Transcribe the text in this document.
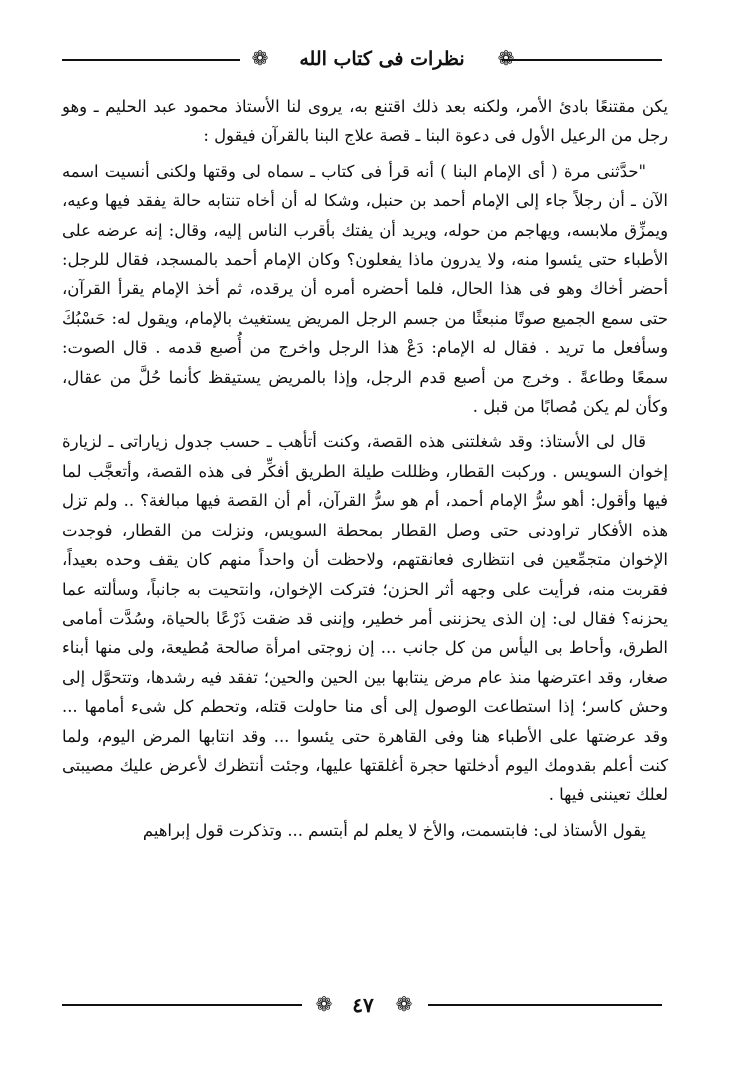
❁	نظرات فى كتاب الله	❁

يكن مقتنعًا بادئ الأمر، ولكنه بعد ذلك اقتنع به، يروى لنا الأستاذ محمود عبد الحليم ـ وهو رجل من الرعيل الأول فى دعوة البنا ـ قصة علاج البنا بالقرآن فيقول :

"حدَّثنى مرة ( أى الإمام البنا ) أنه قرأ فى كتاب ـ سماه لى وقتها ولكنى أنسيت اسمه الآن ـ أن رجلاً جاء إلى الإمام أحمد بن حنبل، وشكا له أن أخاه تنتابه حالة يفقد فيها وعيه، ويمزِّق ملابسه، ويهاجم من حوله، ويريد أن يفتك بأقرب الناس إليه، وقال: إنه عرضه على الأطباء حتى يئسوا منه، ولا يدرون ماذا يفعلون؟ وكان الإمام أحمد بالمسجد، فقال للرجل: أحضر أخاك وهو فى هذا الحال، فلما أحضره أمره أن يرقده، ثم أخذ الإمام يقرأ القرآن، حتى سمع الجميع صوتًا منبعثًا من جسم الرجل المريض يستغيث بالإمام، ويقول له: حَسْبُكَ وسأفعل ما تريد . فقال له الإمام: دَعْ هذا الرجل واخرج من أُصبع قدمه . قال الصوت: سمعًا وطاعةً . وخرج من أصبع قدم الرجل، وإذا بالمريض يستيقظ كأنما حُلَّ من عقال، وكأن لم يكن مُصابًا من قبل .

قال لى الأستاذ: وقد شغلتنى هذه القصة، وكنت أتأهب ـ حسب جدول زياراتى ـ لزيارة إخوان السويس . وركبت القطار، وظللت طيلة الطريق أفكِّر فى هذه القصة، وأتعجَّب لما فيها وأقول: أهو سرُّ الإمام أحمد، أم هو سرُّ القرآن، أم أن القصة فيها مبالغة؟ .. ولم تزل هذه الأفكار تراودنى حتى وصل القطار بمحطة السويس، ونزلت من القطار، فوجدت الإخوان متجمِّعين فى انتظارى فعانقتهم، ولاحظت أن واحداً منهم كان يقف وحده بعيداً، فقربت منه، فرأيت على وجهه أثر الحزن؛ فتركت الإخوان، وانتحيت به جانباً، وسألته عما يحزنه؟ فقال لى: إن الذى يحزننى أمر خطير، وإننى قد ضقت ذَرْعًا بالحياة، وسُدَّت أمامى الطرق، وأحاط بى اليأس من كل جانب ... إن زوجتى امرأة صالحة مُطيعة، ولى منها أبناء صغار، وقد اعترضها منذ عام مرض ينتابها بين الحين والحين؛ تفقد فيه رشدها، وتتحوَّل إلى وحش كاسر؛ إذا استطاعت الوصول إلى أى منا حاولت قتله، وتحطم كل شىء أمامها ... وقد عرضتها على الأطباء هنا وفى القاهرة حتى يئسوا ... وقد انتابها المرض اليوم، ولما كنت أعلم بقدومك اليوم أدخلتها حجرة أغلقتها عليها، وجئت أنتظرك لأعرض عليك مصيبتى لعلك تعيننى فيها .

يقول الأستاذ لى: فابتسمت، والأخ لا يعلم لم أبتسم ... وتذكرت قول إبراهيم

❁ ٤٧	❁
